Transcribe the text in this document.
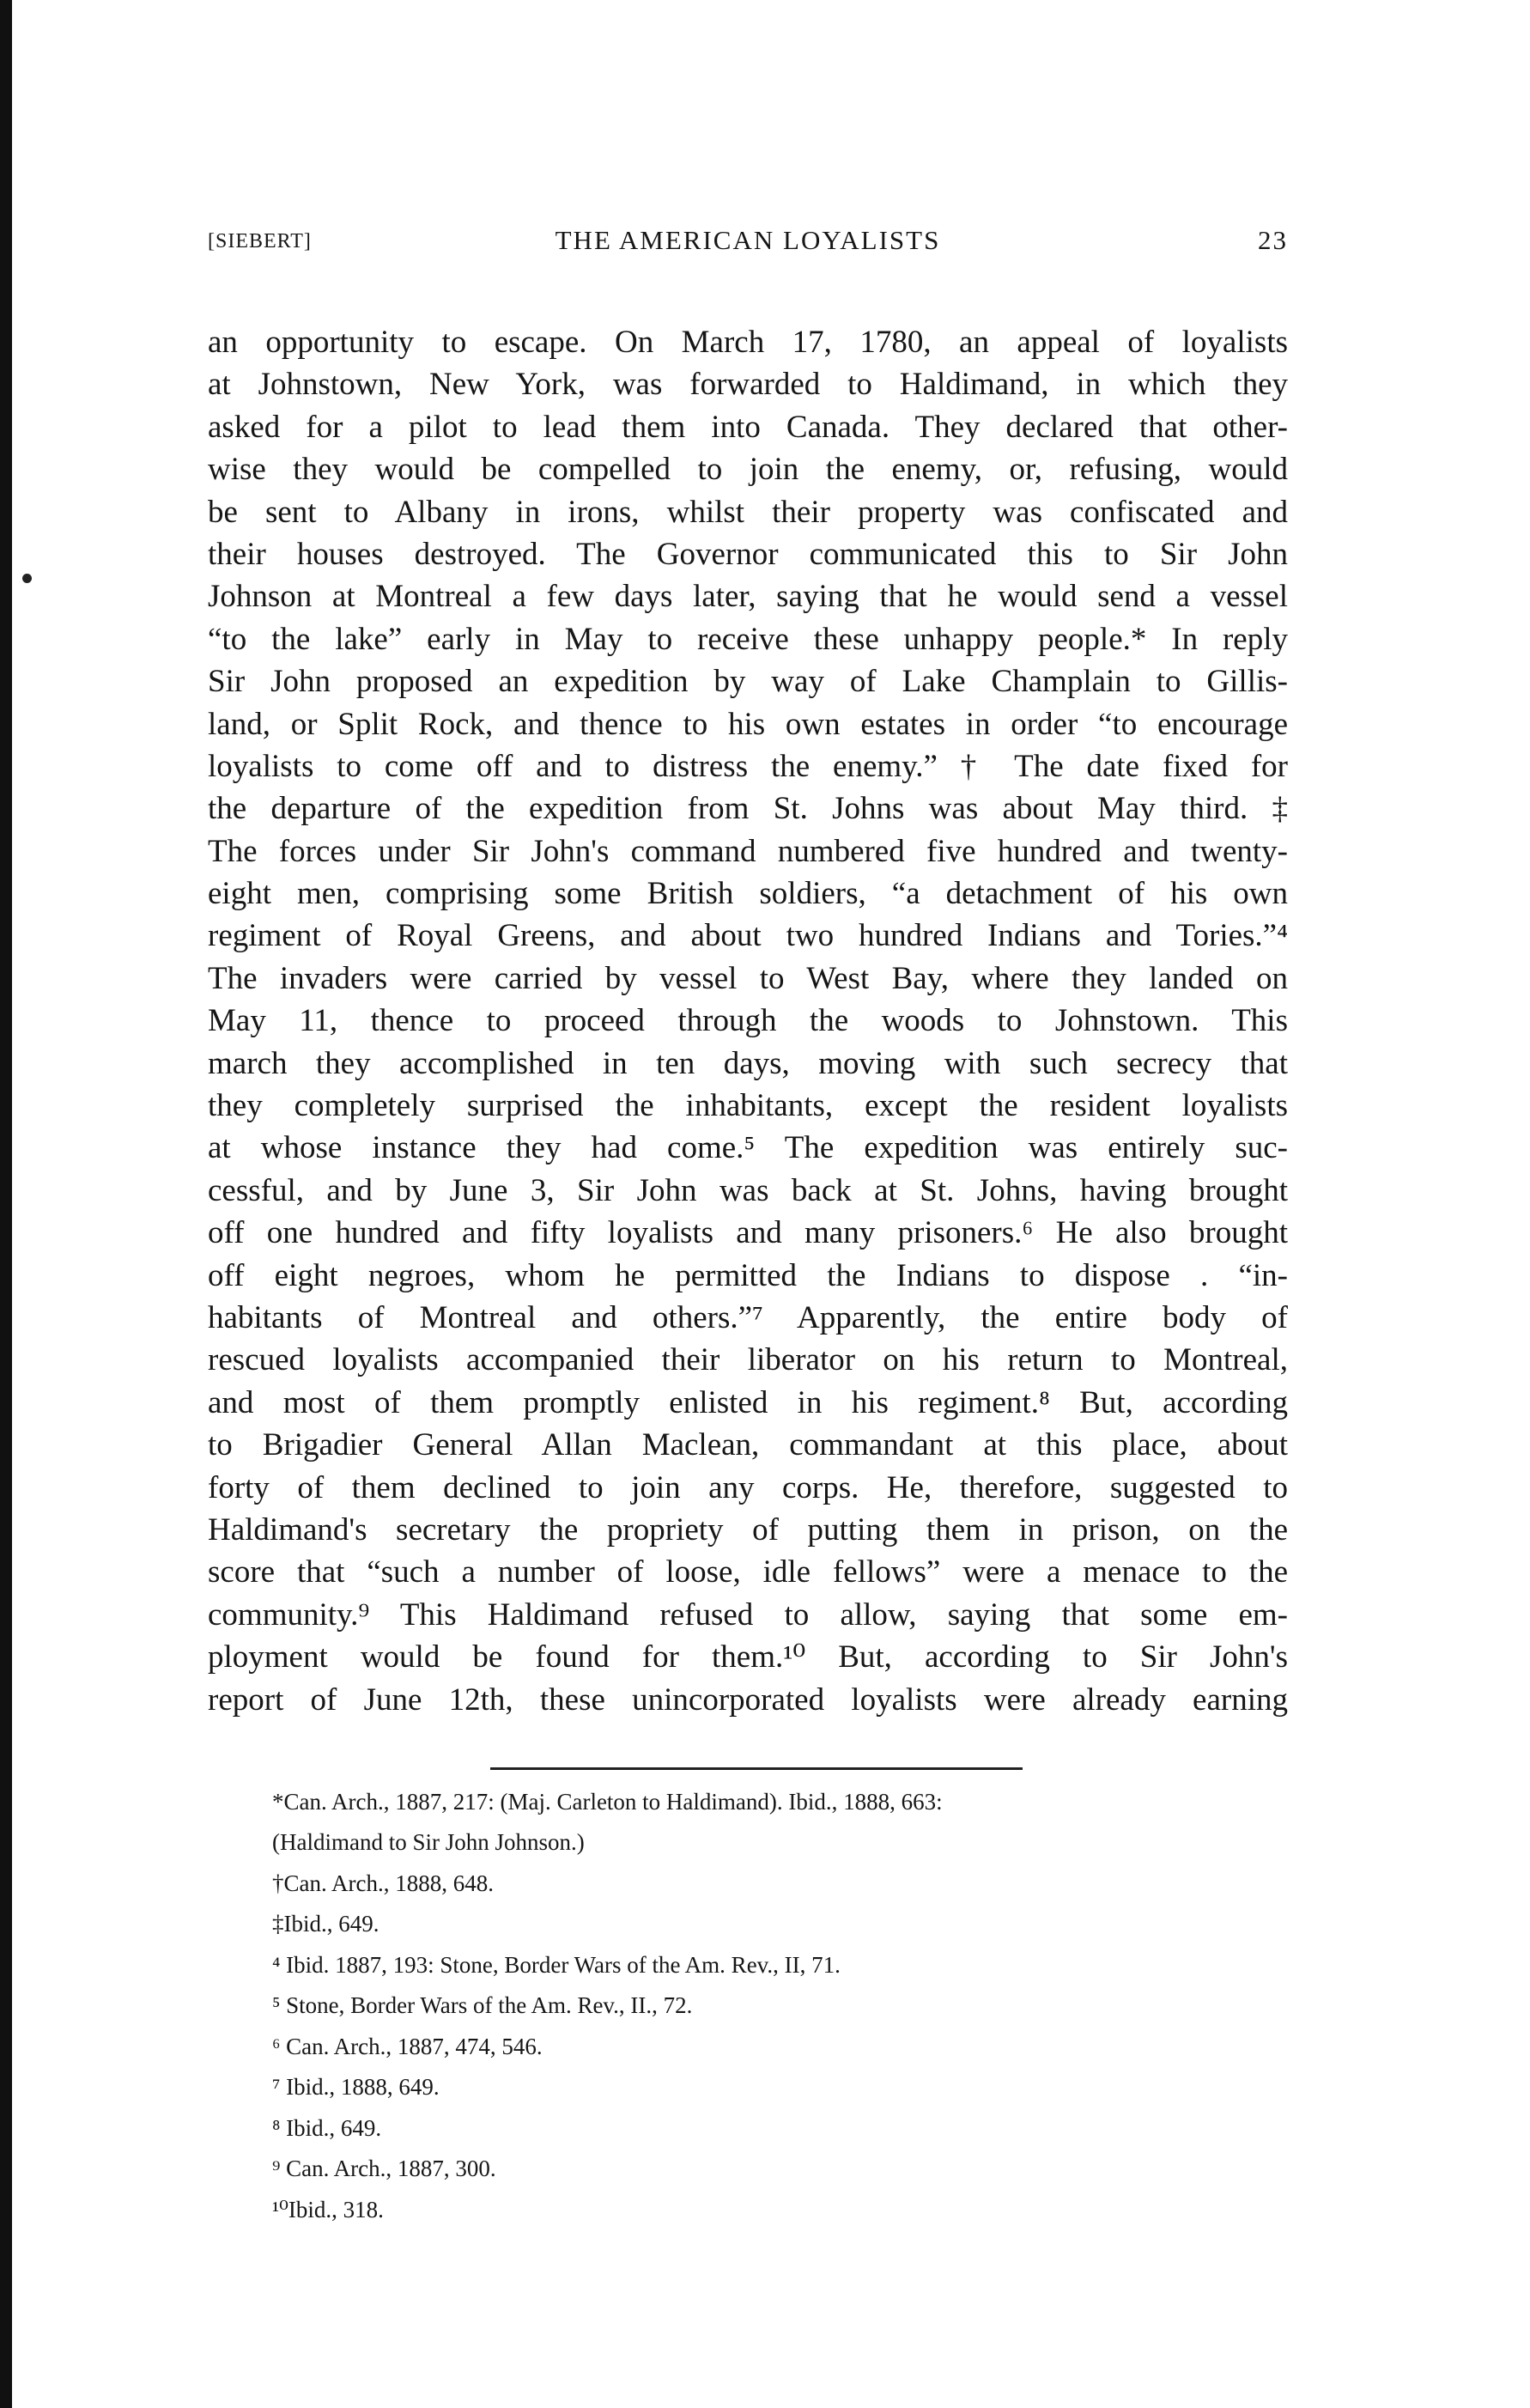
[SIEBERT]	THE AMERICAN LOYALISTS	23
an opportunity to escape. On March 17, 1780, an appeal of loyalists
at Johnstown, New York, was forwarded to Haldimand, in which they
asked for a pilot to lead them into Canada. They declared that other-
wise they would be compelled to join the enemy, or, refusing, would
be sent to Albany in irons, whilst their property was confiscated and
their houses destroyed. The Governor communicated this to Sir John
Johnson at Montreal a few days later, saying that he would send a vessel
“to the lake” early in May to receive these unhappy people.* In reply
Sir John proposed an expedition by way of Lake Champlain to Gillis-
land, or Split Rock, and thence to his own estates in order “to encourage
loyalists to come off and to distress the enemy.” † The date fixed for
the departure of the expedition from St. Johns was about May third. ‡
The forces under Sir John's command numbered five hundred and twenty-
eight men, comprising some British soldiers, “a detachment of his own
regiment of Royal Greens, and about two hundred Indians and Tories.”⁴
The invaders were carried by vessel to West Bay, where they landed on
May 11, thence to proceed through the woods to Johnstown. This
march they accomplished in ten days, moving with such secrecy that
they completely surprised the inhabitants, except the resident loyalists
at whose instance they had come.⁵ The expedition was entirely suc-
cessful, and by June 3, Sir John was back at St. Johns, having brought
off one hundred and fifty loyalists and many prisoners.⁶ He also brought
off eight negroes, whom he permitted the Indians to dispose . “in-
habitants of Montreal and others.”⁷ Apparently, the entire body of
rescued loyalists accompanied their liberator on his return to Montreal,
and most of them promptly enlisted in his regiment.⁸ But, according
to Brigadier General Allan Maclean, commandant at this place, about
forty of them declined to join any corps. He, therefore, suggested to
Haldimand's secretary the propriety of putting them in prison, on the
score that “such a number of loose, idle fellows” were a menace to the
community.⁹ This Haldimand refused to allow, saying that some em-
ployment would be found for them.¹⁰ But, according to Sir John's
report of June 12th, these unincorporated loyalists were already earning
*Can. Arch., 1887, 217: (Maj. Carleton to Haldimand). Ibid., 1888, 663:
(Haldimand to Sir John Johnson.)
†Can. Arch., 1888, 648.
‡Ibid., 649.
⁴ Ibid. 1887, 193: Stone, Border Wars of the Am. Rev., II, 71.
⁵ Stone, Border Wars of the Am. Rev., II., 72.
⁶ Can. Arch., 1887, 474, 546.
⁷ Ibid., 1888, 649.
⁸ Ibid., 649.
⁹ Can. Arch., 1887, 300.
¹⁰Ibid., 318.
